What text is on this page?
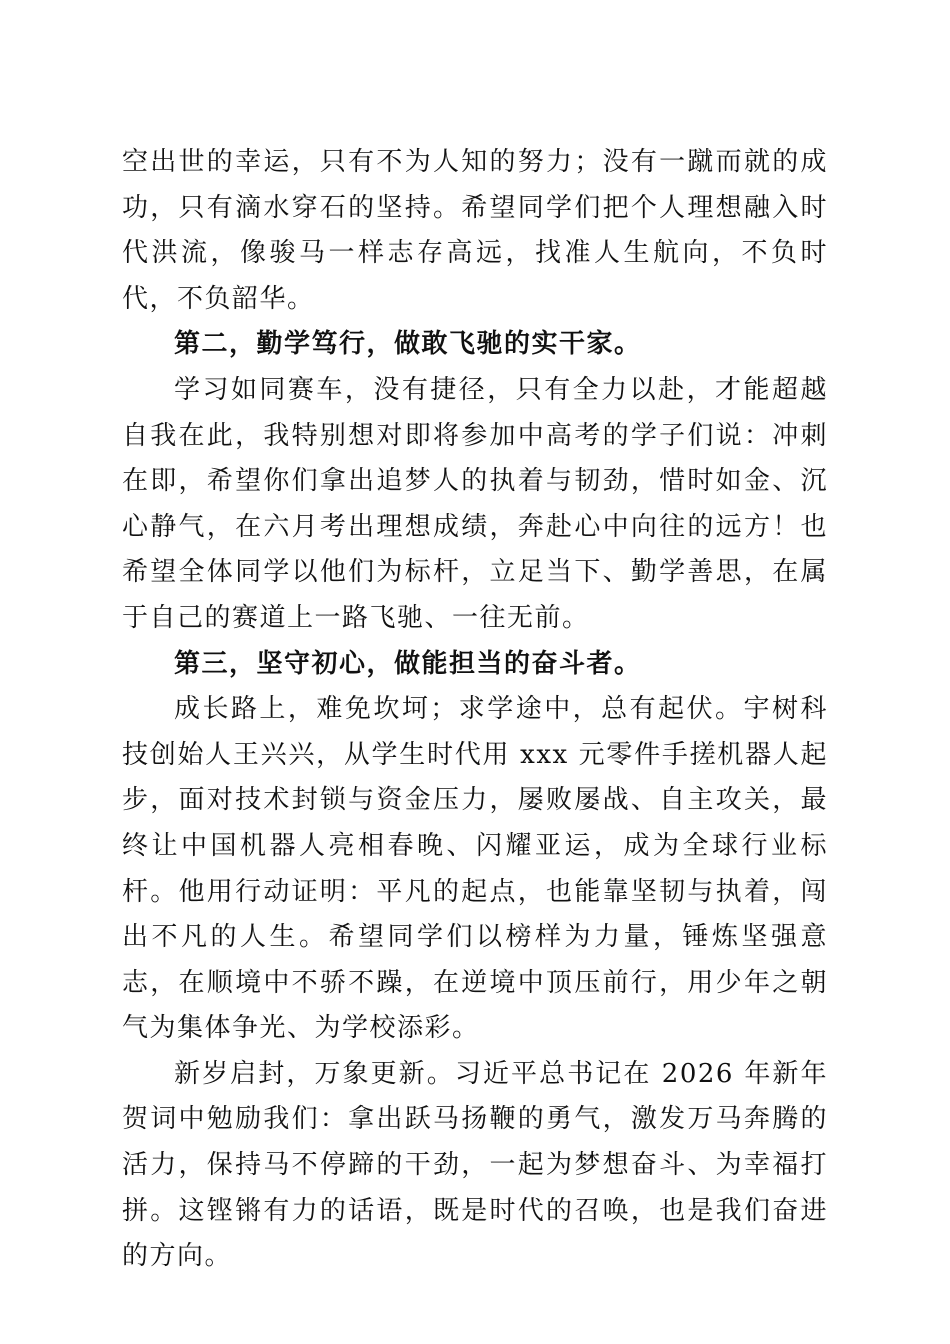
空出世的幸运，只有不为人知的努力；没有一蹴而就的成功，只有滴水穿石的坚持。希望同学们把个人理想融入时代洪流，像骏马一样志存高远，找准人生航向，不负时代，不负韶华。

第二，勤学笃行，做敢飞驰的实干家。

学习如同赛车，没有捷径，只有全力以赴，才能超越自我在此，我特别想对即将参加中高考的学子们说：冲刺在即，希望你们拿出追梦人的执着与韧劲，惜时如金、沉心静气，在六月考出理想成绩，奔赴心中向往的远方！也希望全体同学以他们为标杆，立足当下、勤学善思，在属于自己的赛道上一路飞驰、一往无前。

第三，坚守初心，做能担当的奋斗者。

成长路上，难免坎坷；求学途中，总有起伏。宇树科技创始人王兴兴，从学生时代用 xxx 元零件手搓机器人起步，面对技术封锁与资金压力，屡败屡战、自主攻关，最终让中国机器人亮相春晚、闪耀亚运，成为全球行业标杆。他用行动证明：平凡的起点，也能靠坚韧与执着，闯出不凡的人生。希望同学们以榜样为力量，锤炼坚强意志，在顺境中不骄不躁，在逆境中顶压前行，用少年之朝气为集体争光、为学校添彩。

新岁启封，万象更新。习近平总书记在 2026 年新年贺词中勉励我们：拿出跃马扬鞭的勇气，激发万马奔腾的活力，保持马不停蹄的干劲，一起为梦想奋斗、为幸福打拼。这铿锵有力的话语，既是时代的召唤，也是我们奋进的方向。
